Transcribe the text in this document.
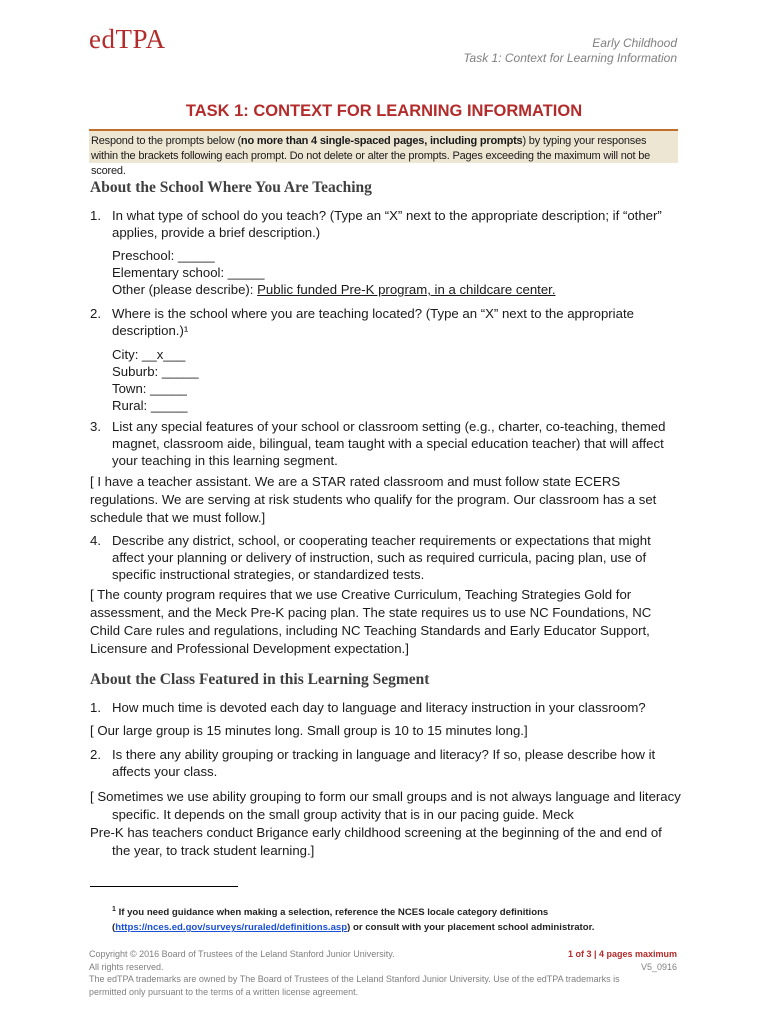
edTPA	Early Childhood
Task 1: Context for Learning Information
TASK 1: CONTEXT FOR LEARNING INFORMATION
Respond to the prompts below (no more than 4 single-spaced pages, including prompts) by typing your responses within the brackets following each prompt. Do not delete or alter the prompts. Pages exceeding the maximum will not be scored.
About the School Where You Are Teaching
1. In what type of school do you teach? (Type an “X” next to the appropriate description; if “other” applies, provide a brief description.)
Preschool: _____
Elementary school: _____
Other (please describe): Public funded Pre-K program, in a childcare center.
2. Where is the school where you are teaching located? (Type an “X” next to the appropriate description.)¹
City: __x___
Suburb: _____
Town: _____
Rural: _____
3. List any special features of your school or classroom setting (e.g., charter, co-teaching, themed magnet, classroom aide, bilingual, team taught with a special education teacher) that will affect your teaching in this learning segment.
[ I have a teacher assistant. We are a STAR rated classroom and must follow state ECERS regulations. We are serving at risk students who qualify for the program. Our classroom has a set schedule that we must follow.]
4. Describe any district, school, or cooperating teacher requirements or expectations that might affect your planning or delivery of instruction, such as required curricula, pacing plan, use of specific instructional strategies, or standardized tests.
[ The county program requires that we use Creative Curriculum, Teaching Strategies Gold for assessment, and the Meck Pre-K pacing plan. The state requires us to use NC Foundations, NC Child Care rules and regulations, including NC Teaching Standards and Early Educator Support, Licensure and Professional Development expectation.]
About the Class Featured in this Learning Segment
1. How much time is devoted each day to language and literacy instruction in your classroom?
[ Our large group is 15 minutes long. Small group is 10 to 15 minutes long.]
2. Is there any ability grouping or tracking in language and literacy? If so, please describe how it affects your class.
[ Sometimes we use ability grouping to form our small groups and is not always language and literacy specific. It depends on the small group activity that is in our pacing guide. Meck
Pre-K has teachers conduct Brigance early childhood screening at the beginning of the and end of the year, to track student learning.]
$^1$ If you need guidance when making a selection, reference the NCES locale category definitions
(https://nces.ed.gov/surveys/ruraled/definitions.asp) or consult with your placement school administrator.
Copyright © 2016 Board of Trustees of the Leland Stanford Junior University.
All rights reserved.
The edTPA trademarks are owned by The Board of Trustees of the Leland Stanford Junior University. Use of the edTPA trademarks is permitted only pursuant to the terms of a written license agreement.
1 of 3 | 4 pages maximum
V5_0916
